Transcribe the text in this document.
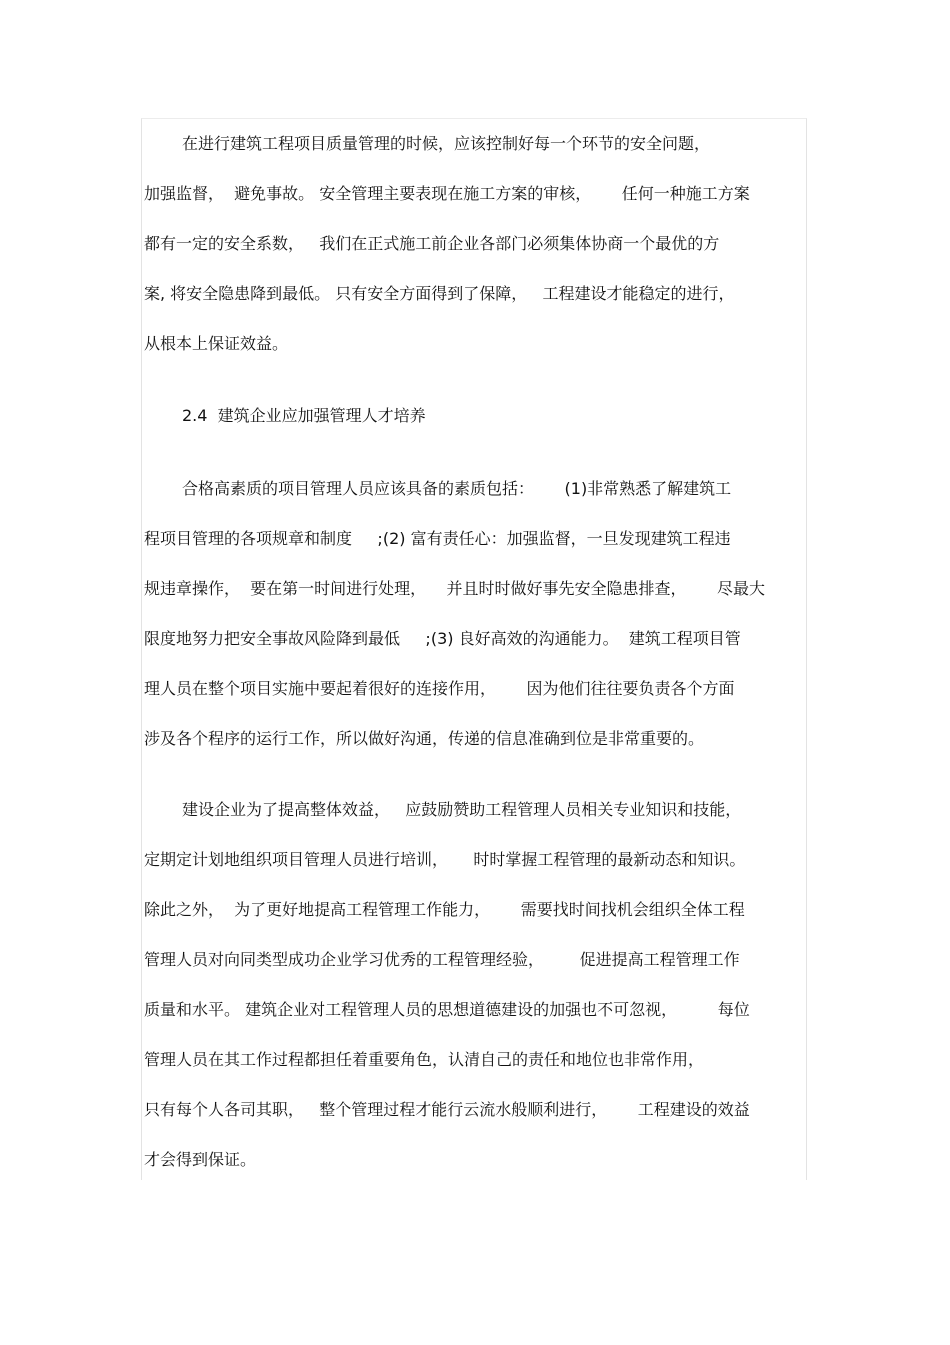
在进行建筑工程项目质量管理的时候，应该控制好每一个环节的安全问题，
加强监督，  避免事故。 安全管理主要表现在施工方案的审核，      任何一种施工方案
都有一定的安全系数，   我们在正式施工前企业各部门必须集体协商一个最优的方
案, 将安全隐患降到最低。 只有安全方面得到了保障，   工程建设才能稳定的进行，
从根本上保证效益。
2.4  建筑企业应加强管理人才培养
合格高素质的项目管理人员应该具备的素质包括：      (1)非常熟悉了解建筑工
程项目管理的各项规章和制度     ;(2) 富有责任心：加强监督，一旦发现建筑工程违
规违章操作，  要在第一时间进行处理，    并且时时做好事先安全隐患排查，      尽最大
限度地努力把安全事故风险降到最低     ;(3) 良好高效的沟通能力。  建筑工程项目管
理人员在整个项目实施中要起着很好的连接作用，      因为他们往往要负责各个方面
涉及各个程序的运行工作，所以做好沟通，传递的信息准确到位是非常重要的。
建设企业为了提高整体效益，   应鼓励赞助工程管理人员相关专业知识和技能，
定期定计划地组织项目管理人员进行培训，     时时掌握工程管理的最新动态和知识。
除此之外，  为了更好地提高工程管理工作能力，      需要找时间找机会组织全体工程
管理人员对向同类型成功企业学习优秀的工程管理经验，       促进提高工程管理工作
质量和水平。 建筑企业对工程管理人员的思想道德建设的加强也不可忽视，        每位
管理人员在其工作过程都担任着重要角色，认清自己的责任和地位也非常作用，
只有每个人各司其职，   整个管理过程才能行云流水般顺利进行，      工程建设的效益
才会得到保证。
